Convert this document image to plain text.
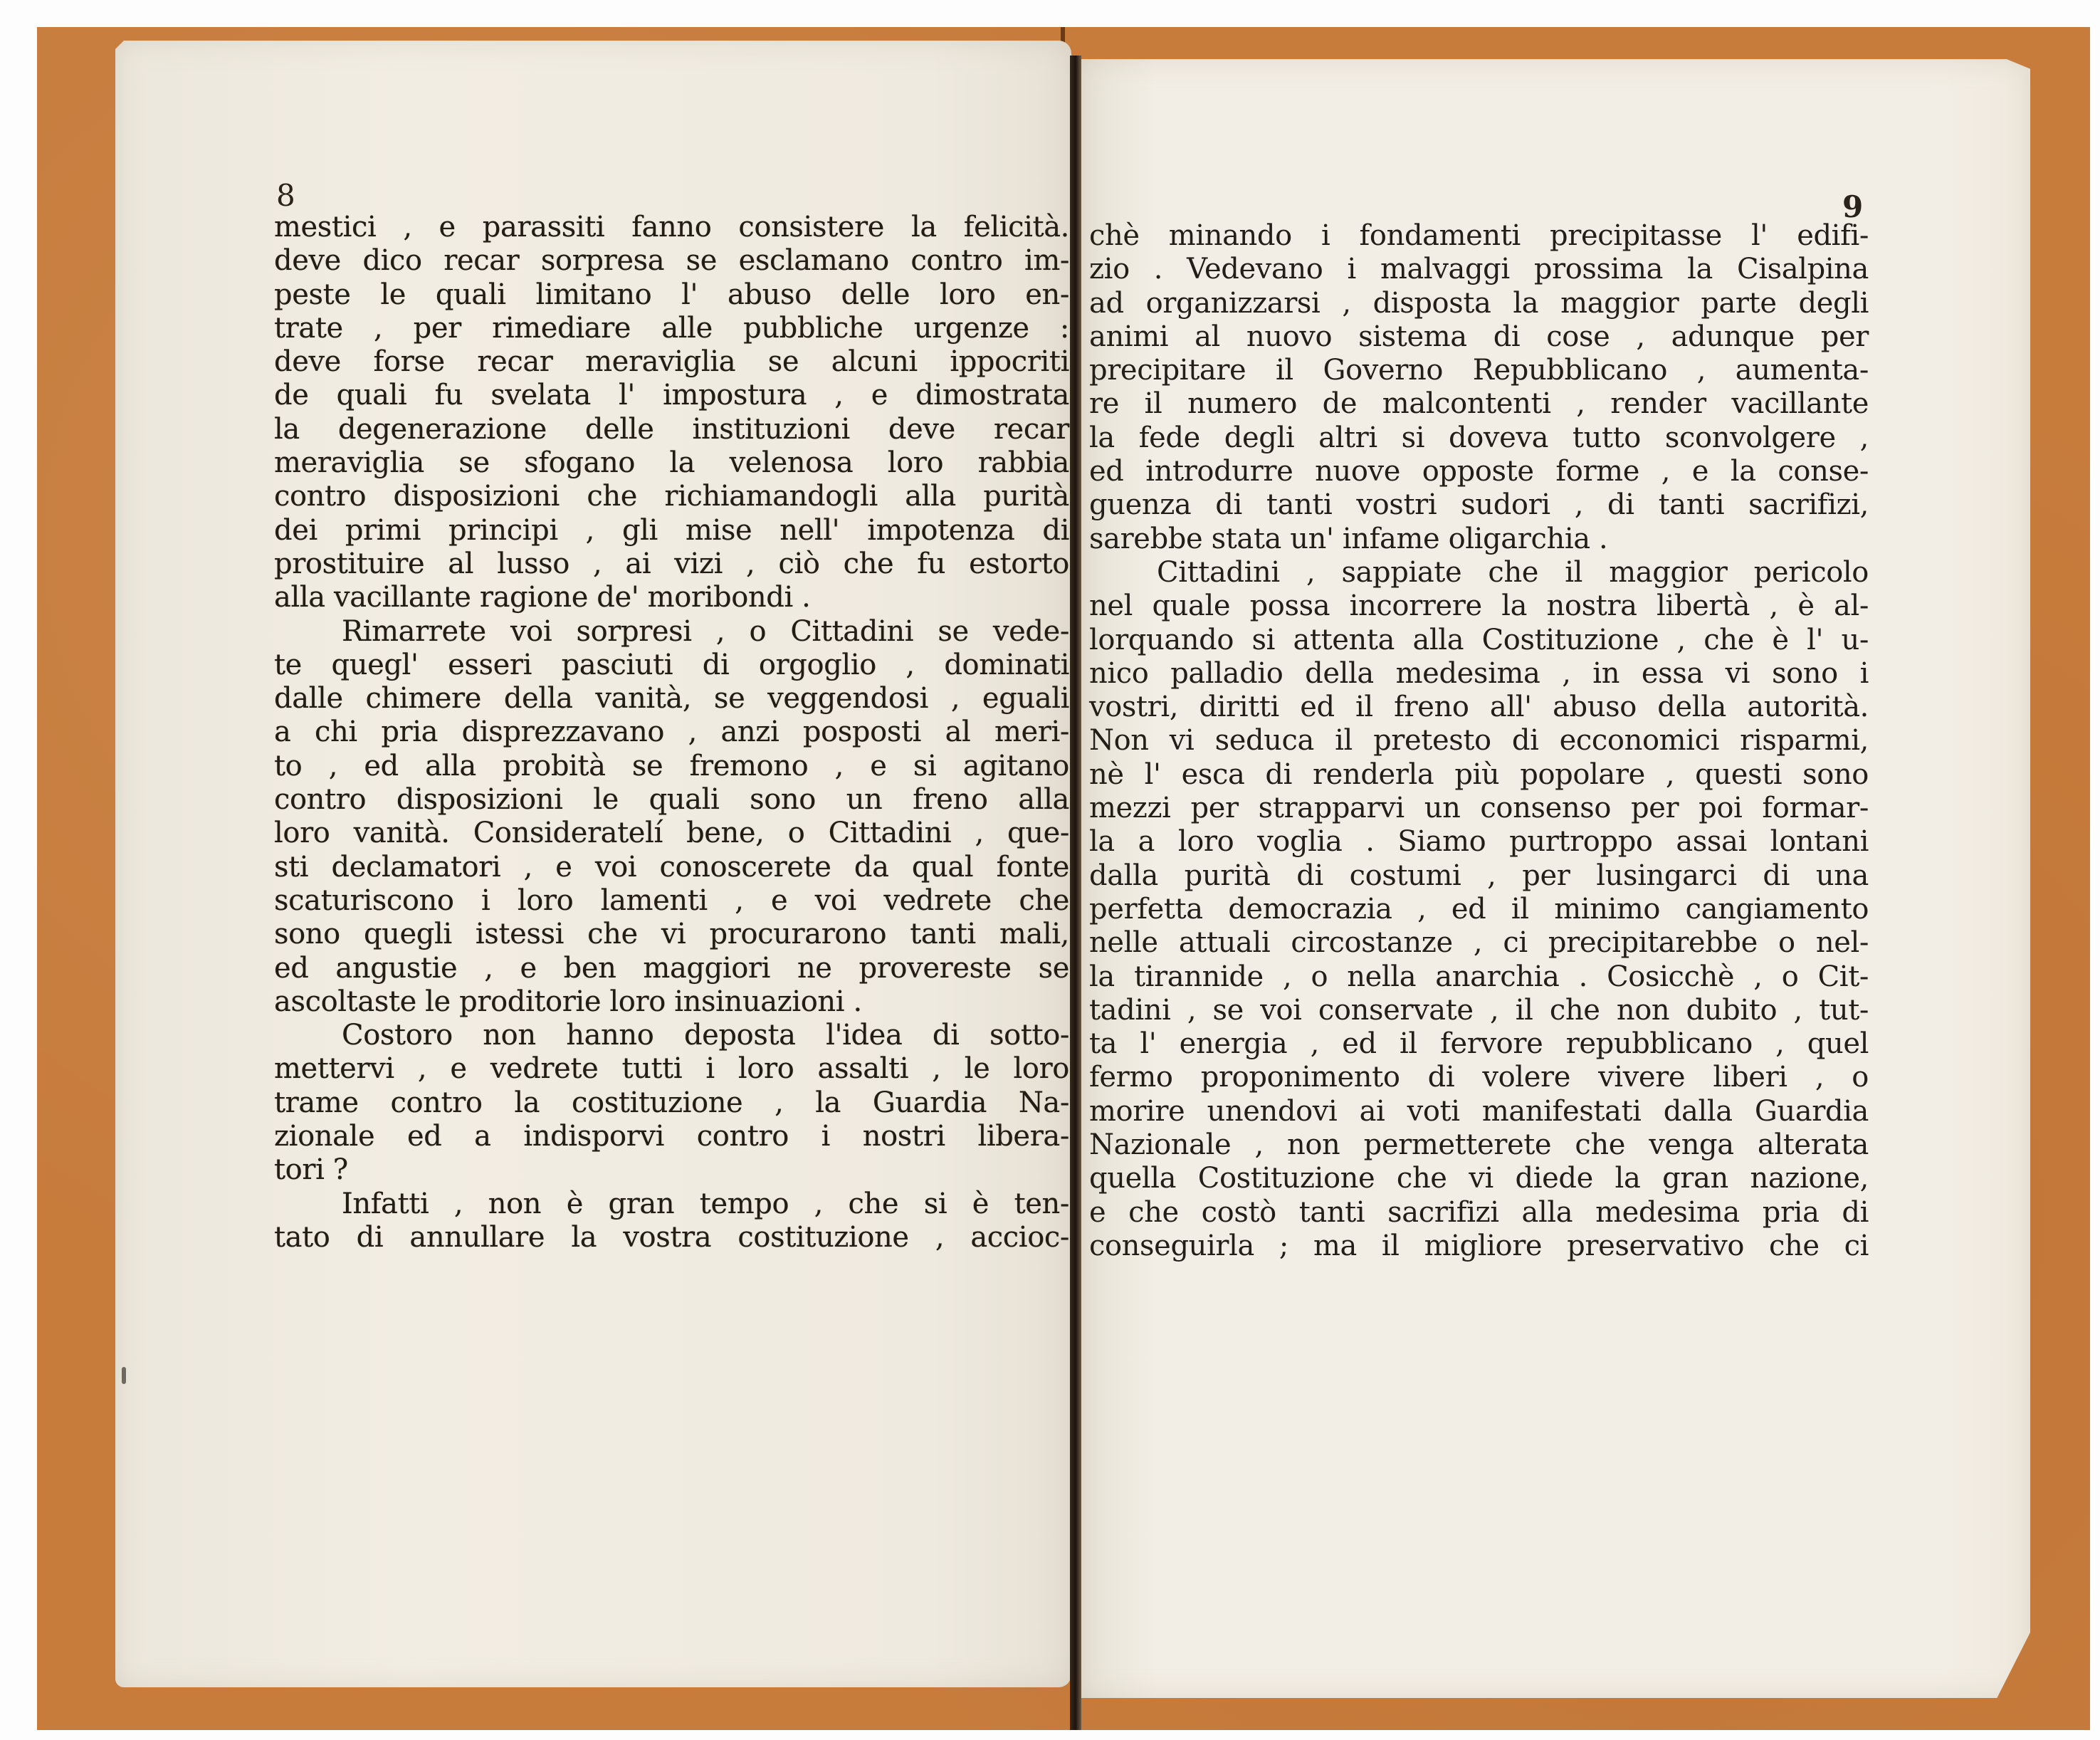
8	9
mestici , e parassiti fanno consistere la felicità.
deve dico recar sorpresa se esclamano contro im-
peste le quali limitano l' abuso delle loro en-
trate , per rimediare alle pubbliche urgenze :
deve forse recar meraviglia se alcuni ippocriti
de quali fu svelata l' impostura , e dimostrata
la degenerazione delle instituzioni deve recar
meraviglia se sfogano la velenosa loro rabbia
contro disposizioni che richiamandogli alla purità
dei primi principi , gli mise nell' impotenza di
prostituire al lusso , ai vizi , ciò che fu estorto
alla vacillante ragione de' moribondi .
Rimarrete voi sorpresi , o Cittadini se vede-
te quegl' esseri pasciuti di orgoglio , dominati
dalle chimere della vanità, se veggendosi , eguali
a chi pria disprezzavano , anzi posposti al meri-
to , ed alla probità se fremono , e si agitano
contro disposizioni le quali sono un freno alla
loro vanità. Consideratelí bene, o Cittadini , que-
sti declamatori , e voi conoscerete da qual fonte
scaturiscono i loro lamenti , e voi vedrete che
sono quegli istessi che vi procurarono tanti mali,
ed angustie , e ben maggiori ne provereste se
ascoltaste le proditorie loro insinuazioni .
Costoro non hanno deposta l'idea di sotto-
mettervi , e vedrete tutti i loro assalti , le loro
trame contro la costituzione , la Guardia Na-
zionale ed a indisporvi contro i nostri libera-
tori ?
Infatti , non è gran tempo , che si è ten-
tato di annullare la vostra costituzione , accioc-
chè minando i fondamenti precipitasse l' edifi-
zio . Vedevano i malvaggi prossima la Cisalpina
ad organizzarsi , disposta la maggior parte degli
animi al nuovo sistema di cose , adunque per
precipitare il Governo Repubblicano , aumenta-
re il numero de malcontenti , render vacillante
la fede degli altri si doveva tutto sconvolgere ,
ed introdurre nuove opposte forme , e la conse-
guenza di tanti vostri sudori , di tanti sacrifizi,
sarebbe stata un' infame oligarchia .
Cittadini , sappiate che il maggior pericolo
nel quale possa incorrere la nostra libertà , è al-
lorquando si attenta alla Costituzione , che è l' u-
nico palladio della medesima , in essa vi sono i
vostri, diritti ed il freno all' abuso della autorità.
Non vi seduca il pretesto di ecconomici risparmi,
nè l' esca di renderla più popolare , questi sono
mezzi per strapparvi un consenso per poi formar-
la a loro voglia . Siamo purtroppo assai lontani
dalla purità di costumi , per lusingarci di una
perfetta democrazia , ed il minimo cangiamento
nelle attuali circostanze , ci precipitarebbe o nel-
la tirannide , o nella anarchia . Cosicchè , o Cit-
tadini , se voi conservate , il che non dubito , tut-
ta l' energia , ed il fervore repubblicano , quel
fermo proponimento di volere vivere liberi , o
morire unendovi ai voti manifestati dalla Guardia
Nazionale , non permetterete che venga alterata
quella Costituzione che vi diede la gran nazione,
e che costò tanti sacrifizi alla medesima pria di
conseguirla ; ma il migliore preservativo che ci
